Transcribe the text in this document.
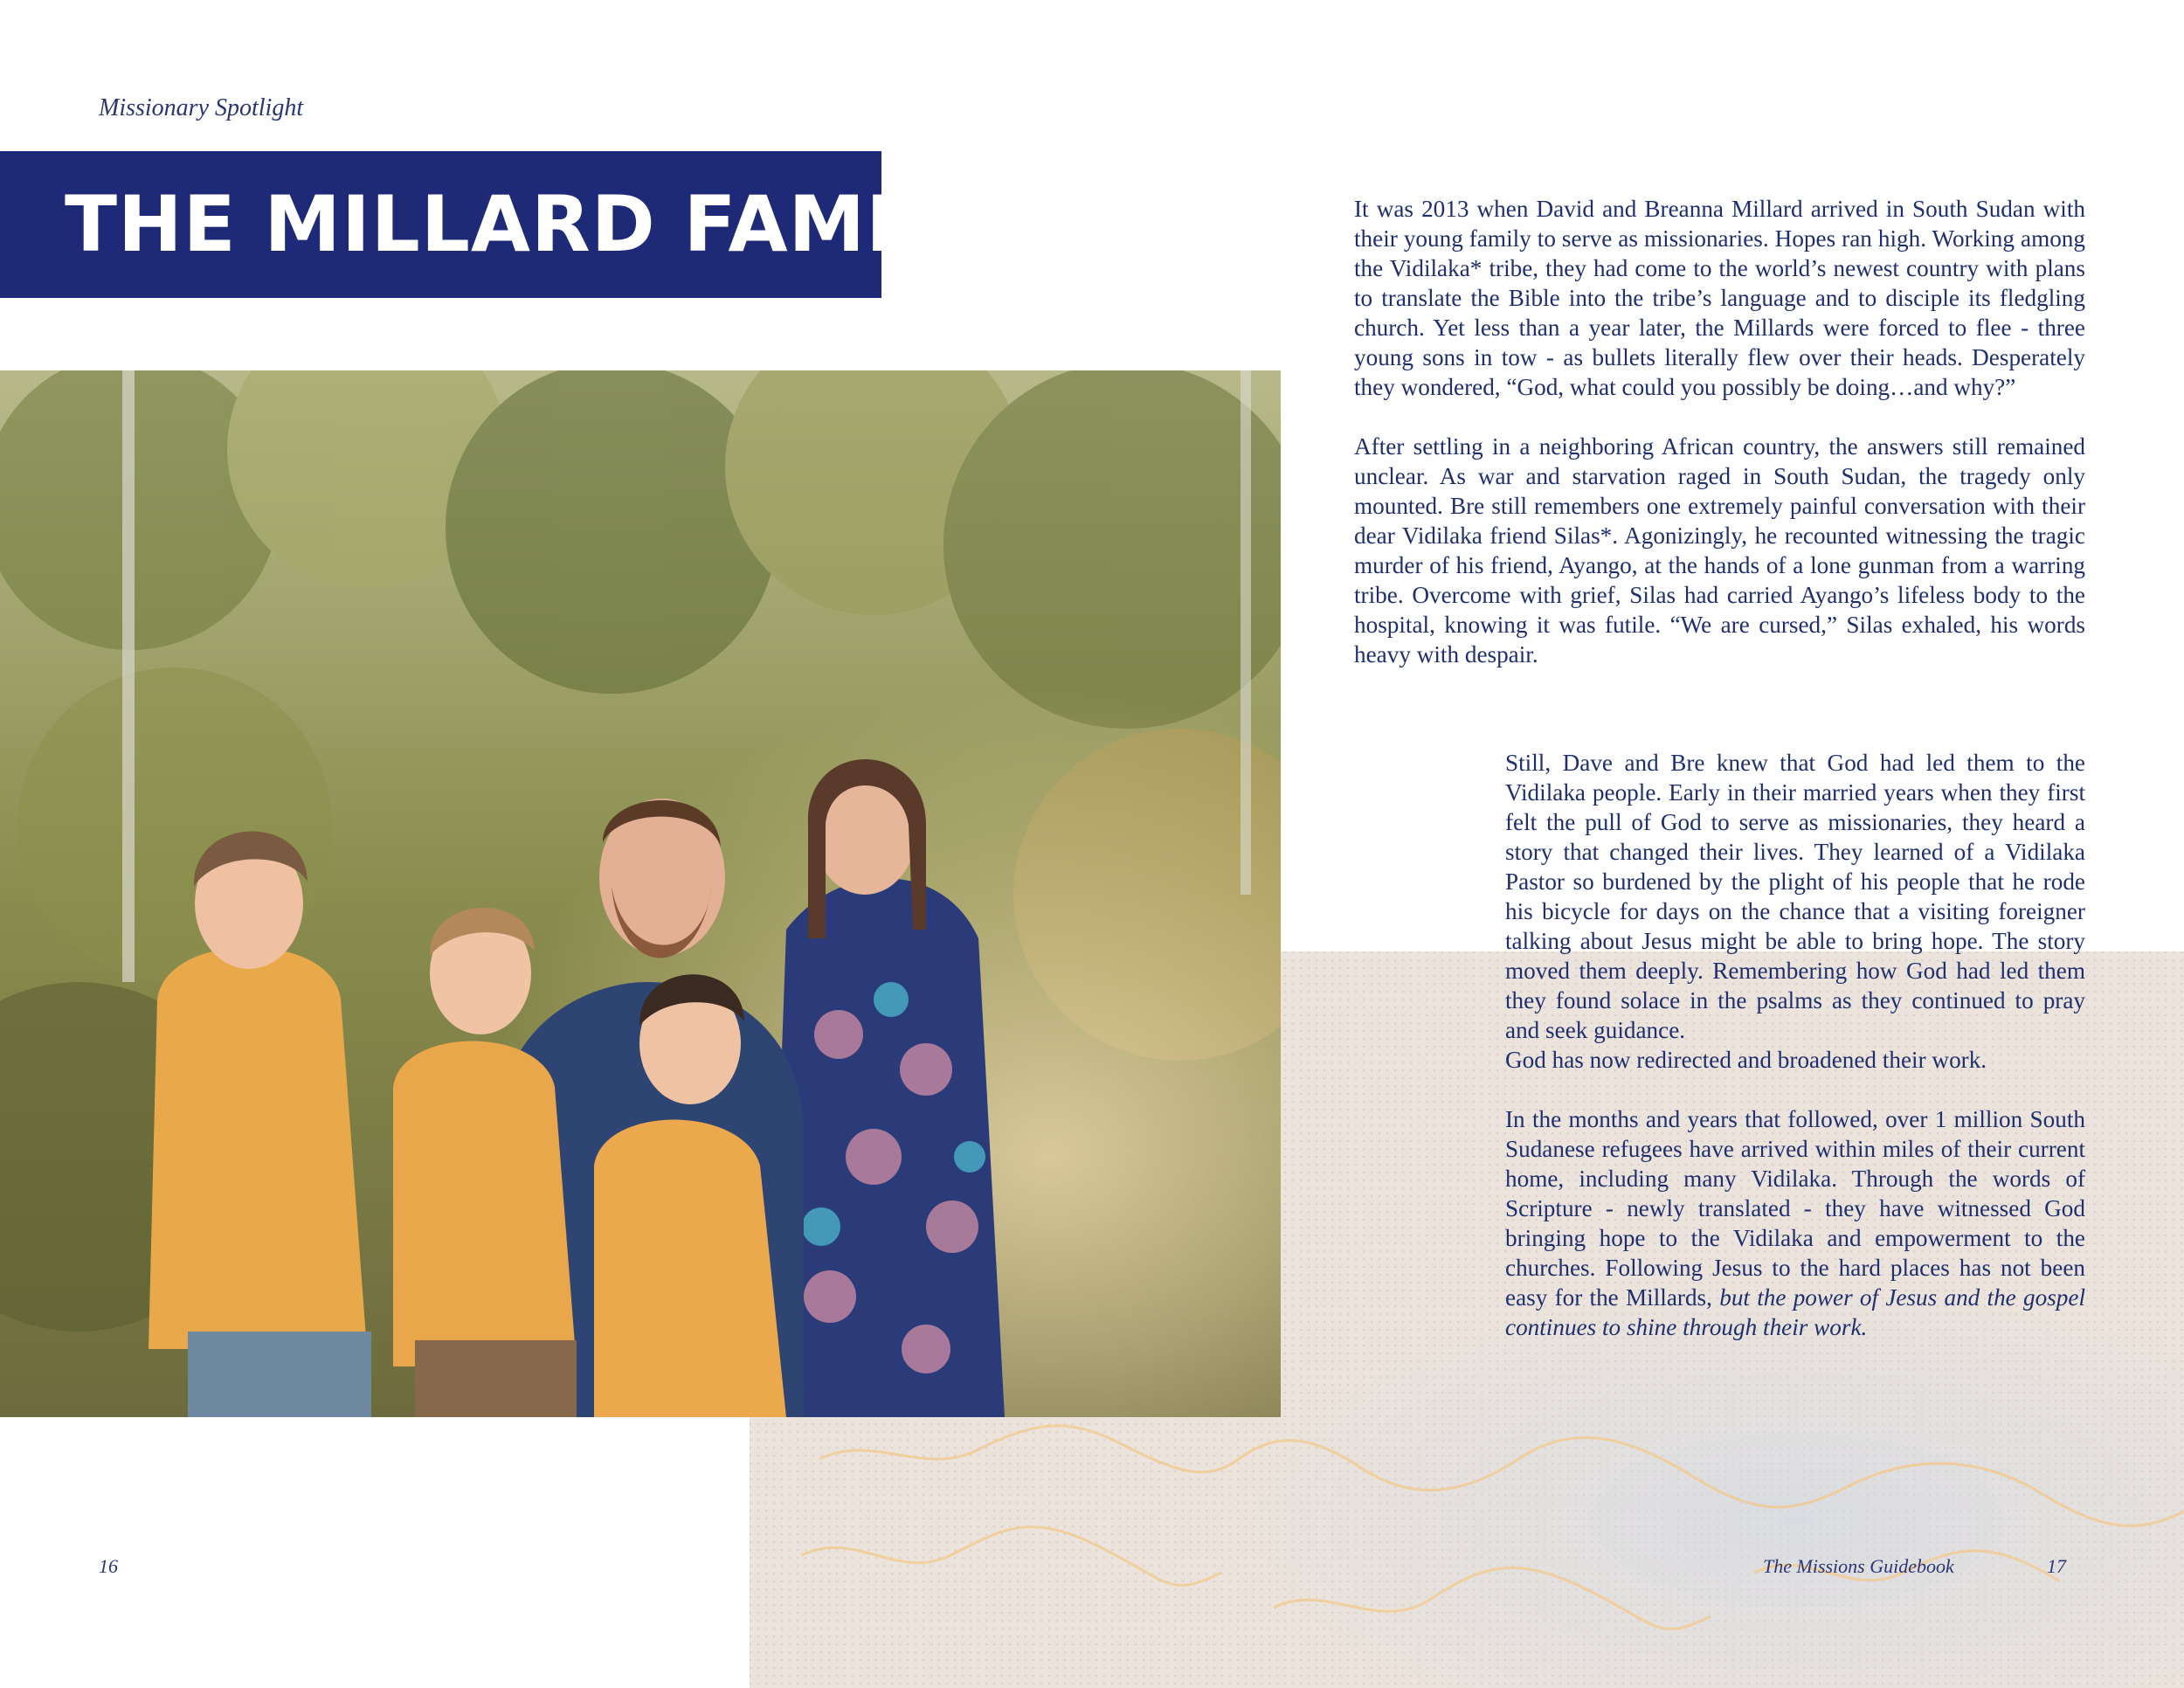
Missionary Spotlight
THE MILLARD FAMILY	It was 2013 when David and Breanna Millard arrived in South Sudan with their young family to serve as missionaries. Hopes ran high. Working among the Vidilaka* tribe, they had come to the world’s newest country with plans to translate the Bible into the tribe’s language and to disciple its fledgling church. Yet less than a year later, the Millards were forced to flee - three young sons in tow - as bullets literally flew over their heads. Desperately they wondered, “God, what could you possibly be doing…and why?”

After settling in a neighboring African country, the answers still remained unclear. As war and starvation raged in South Sudan, the tragedy only mounted. Bre still remembers one extremely painful conversation with their dear Vidilaka friend Silas*. Agonizingly, he recounted witnessing the tragic murder of his friend, Ayango, at the hands of a lone gunman from a warring tribe. Overcome with grief, Silas had carried Ayango’s lifeless body to the hospital, knowing it was futile. “We are cursed,” Silas exhaled, his words heavy with despair.

Still, Dave and Bre knew that God had led them to the Vidilaka people. Early in their married years when they first felt the pull of God to serve as missionaries, they heard a story that changed their lives. They learned of a Vidilaka Pastor so burdened by the plight of his people that he rode his bicycle for days on the chance that a visiting foreigner talking about Jesus might be able to bring hope. The story moved them deeply. Remembering how God had led them they found solace in the psalms as they continued to pray and seek guidance.

God has now redirected and broadened their work.

In the months and years that followed, over 1 million South Sudanese refugees have arrived within miles of their current home, including many Vidilaka. Through the words of Scripture - newly translated - they have witnessed God bringing hope to the Vidilaka and empowerment to the churches. Following Jesus to the hard places has not been easy for the Millards, but the power of Jesus and the gospel continues to shine through their work.

16	The Missions Guidebook	17
